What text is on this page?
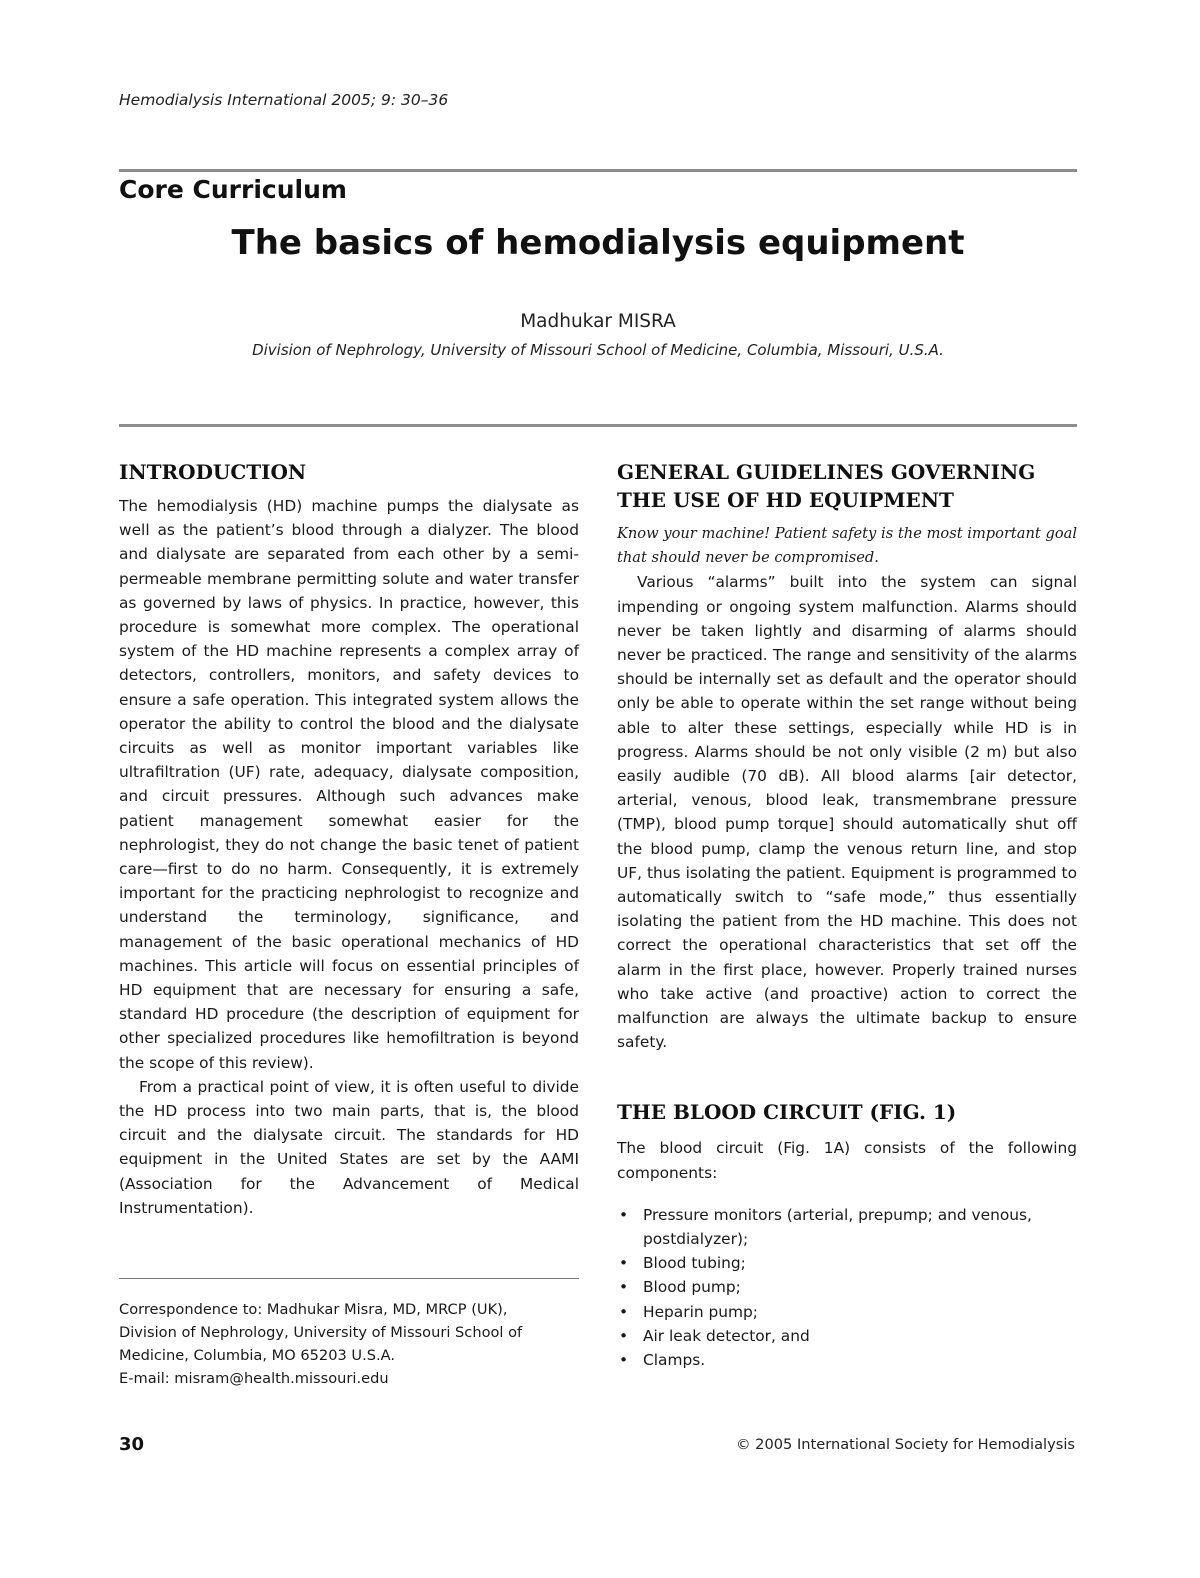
Hemodialysis International 2005; 9: 30–36
Core Curriculum
The basics of hemodialysis equipment
Madhukar MISRA
Division of Nephrology, University of Missouri School of Medicine, Columbia, Missouri, U.S.A.
INTRODUCTION

The hemodialysis (HD) machine pumps the dialysate as well as the patient’s blood through a dialyzer. The blood and dialysate are separated from each other by a semi-permeable membrane permitting solute and water transfer as governed by laws of physics. In practice, however, this procedure is somewhat more complex. The operational system of the HD machine represents a complex array of detectors, controllers, monitors, and safety devices to ensure a safe operation. This integrated system allows the operator the ability to control the blood and the dialysate circuits as well as monitor important variables like ultrafiltration (UF) rate, adequacy, dialysate composition, and circuit pressures. Although such advances make patient management somewhat easier for the nephrologist, they do not change the basic tenet of patient care—first to do no harm. Consequently, it is extremely important for the practicing nephrologist to recognize and understand the terminology, significance, and management of the basic operational mechanics of HD machines. This article will focus on essential principles of HD equipment that are necessary for ensuring a safe, standard HD procedure (the description of equipment for other specialized procedures like hemofiltration is beyond the scope of this review).

From a practical point of view, it is often useful to divide the HD process into two main parts, that is, the blood circuit and the dialysate circuit. The standards for HD equipment in the United States are set by the AAMI (Association for the Advancement of Medical Instrumentation).

Correspondence to: Madhukar Misra, MD, MRCP (UK),
Division of Nephrology, University of Missouri School of
Medicine, Columbia, MO 65203 U.S.A.
E-mail: misram@health.missouri.edu
GENERAL GUIDELINES GOVERNING THE USE OF HD EQUIPMENT

Know your machine! Patient safety is the most important goal that should never be compromised.

Various “alarms” built into the system can signal impending or ongoing system malfunction. Alarms should never be taken lightly and disarming of alarms should never be practiced. The range and sensitivity of the alarms should be internally set as default and the operator should only be able to operate within the set range without being able to alter these settings, especially while HD is in progress. Alarms should be not only visible (2 m) but also easily audible (70 dB). All blood alarms [air detector, arterial, venous, blood leak, transmembrane pressure (TMP), blood pump torque] should automatically shut off the blood pump, clamp the venous return line, and stop UF, thus isolating the patient. Equipment is programmed to automatically switch to “safe mode,” thus essentially isolating the patient from the HD machine. This does not correct the operational characteristics that set off the alarm in the first place, however. Properly trained nurses who take active (and proactive) action to correct the malfunction are always the ultimate backup to ensure safety.

THE BLOOD CIRCUIT (FIG. 1)

The blood circuit (Fig. 1A) consists of the following components:

• Pressure monitors (arterial, prepump; and venous, postdialyzer);
• Blood tubing;
• Blood pump;
• Heparin pump;
• Air leak detector, and
• Clamps.
30	© 2005 International Society for Hemodialysis
